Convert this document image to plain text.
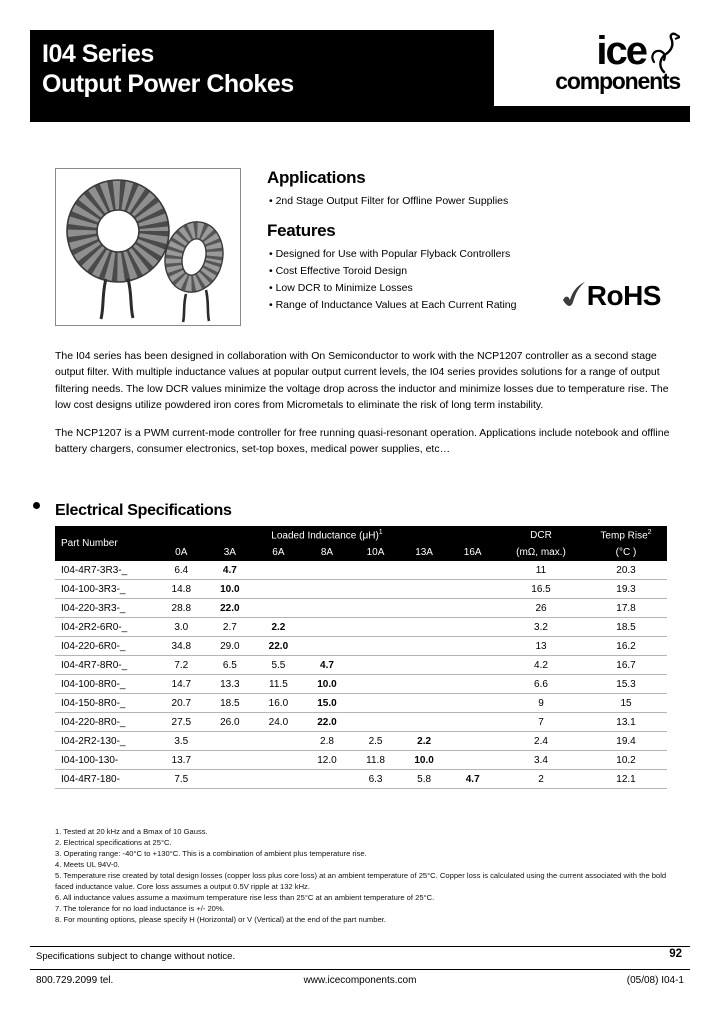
I04 Series
Output Power Chokes
ice
components
Applications
• 2nd Stage Output Filter for Offline Power Supplies
Features
• Designed for Use with Popular Flyback Controllers
• Cost Effective Toroid Design
• Low DCR to Minimize Losses
• Range of Inductance Values at Each Current Rating	RoHS

The I04 series has been designed in collaboration with On Semiconductor to work with the NCP1207 controller as a second stage output filter. With multiple inductance values at popular output current levels, the I04 series provides solutions for a range of output filtering needs. The low DCR values minimize the voltage drop across the inductor and minimize losses due to temperature rise. The low cost designs utilize powdered iron cores from Micrometals to eliminate the risk of long term instability.

The NCP1207 is a PWM current-mode controller for free running quasi-resonant operation. Applications include notebook and offline battery chargers, consumer electronics, set-top boxes, medical power supplies, etc…

Electrical Specifications
Part Number	Loaded Inductance $(\mu H)^1$							DCR	Temp Rise$^2$
	0A	3A	6A	8A	10A	13A	16A	(mΩ, max.)	(°C )
I04-4R7-3R3-_	6.4	4.7						11	20.3
I04-100-3R3-_	14.8	10.0						16.5	19.3
I04-220-3R3-_	28.8	22.0						26	17.8
I04-2R2-6R0-_	3.0	2.7	2.2					3.2	18.5
I04-220-6R0-_	34.8	29.0	22.0					13	16.2
I04-4R7-8R0-_	7.2	6.5	5.5	4.7				4.2	16.7
I04-100-8R0-_	14.7	13.3	11.5	10.0				6.6	15.3
I04-150-8R0-_	20.7	18.5	16.0	15.0				9	15
I04-220-8R0-_	27.5	26.0	24.0	22.0				7	13.1
I04-2R2-130-_	3.5			2.8	2.5	2.2		2.4	19.4
I04-100-130-	13.7			12.0	11.8	10.0		3.4	10.2
I04-4R7-180-	7.5				6.3	5.8	4.7	2	12.1
1. Tested at 20 kHz and a Bmax of 10 Gauss.
2. Electrical specifications at 25°C.
3. Operating range: -40°C to +130°C. This is a combination of ambient plus temperature rise.
4. Meets UL 94V-0.
5. Temperature rise created by total design losses (copper loss plus core loss) at an ambient temperature of 25°C. Copper loss is calculated using the current associated with the bold faced inductance value. Core loss assumes a output 0.5V ripple at 132 kHz.
6. All inductance values assume a maximum temperature rise less than 25°C at an ambient temperature of 25°C.
7. The tolerance for no load inductance is +/- 20%.
8. For mounting options, please specify H (Horizontal) or V (Vertical) at the end of the part number.
Specifications subject to change without notice.	92
800.729.2099 tel.	www.icecomponents.com	(05/08) I04-1
